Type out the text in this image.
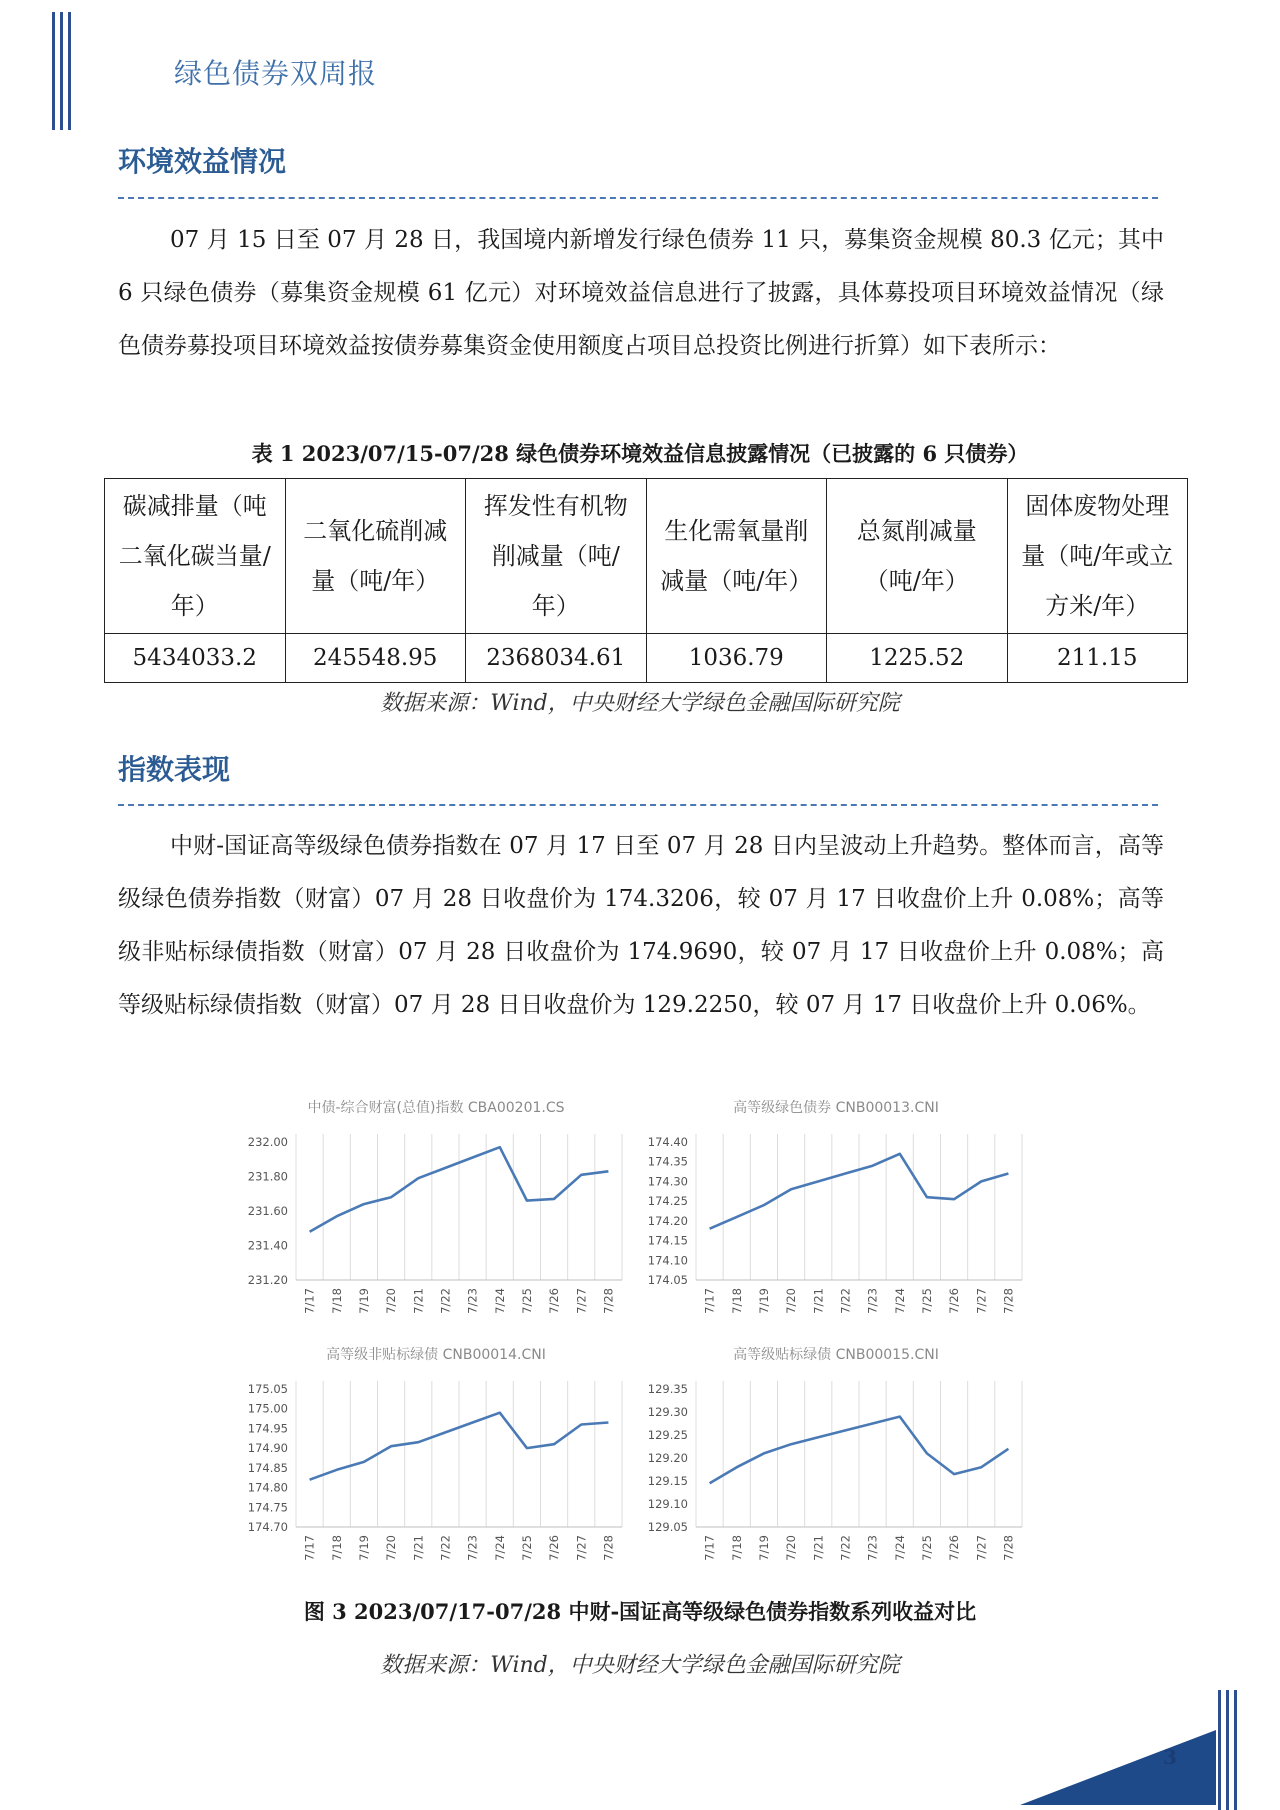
绿色债券双周报
环境效益情况

07 月 15 日至 07 月 28 日，我国境内新增发行绿色债券 11 只，募集资金规模 80.3 亿元；其中 6 只绿色债券（募集资金规模 61 亿元）对环境效益信息进行了披露，具体募投项目环境效益情况（绿色债券募投项目环境效益按债券募集资金使用额度占项目总投资比例进行折算）如下表所示：

表 1 2023/07/15-07/28 绿色债券环境效益信息披露情况（已披露的 6 只债券）
碳减排量（吨二氧化碳当量/年）	二氧化硫削减量（吨/年）	挥发性有机物削减量（吨/年）	生化需氧量削减量（吨/年）	总氮削减量（吨/年）	固体废物处理量（吨/年或立方米/年）
5434033.2	245548.95	2368034.61	1036.79	1225.52	211.15
数据来源：Wind，中央财经大学绿色金融国际研究院
指数表现

中财-国证高等级绿色债券指数在 07 月 17 日至 07 月 28 日内呈波动上升趋势。整体而言，高等级绿色债券指数（财富）07 月 28 日收盘价为 174.3206，较 07 月 17 日收盘价上升 0.08%；高等级非贴标绿债指数（财富）07 月 28 日收盘价为 174.9690，较 07 月 17 日收盘价上升 0.08%；高等级贴标绿债指数（财富）07 月 28 日日收盘价为 129.2250，较 07 月 17 日收盘价上升 0.06%。

中债-综合财富(总值)指数 CBA00201.CS
231.20
231.40
231.60
231.80
232.00
7/17 7/18 7/19 7/20 7/21 7/22 7/23 7/24 7/25 7/26 7/27 7/28
高等级绿色债券 CNB00013.CNI
174.05
174.10
174.15
174.20
174.25
174.30
174.35
174.40
7/17 7/18 7/19 7/20 7/21 7/22 7/23 7/24 7/25 7/26 7/27 7/28
高等级非贴标绿债 CNB00014.CNI
174.70
174.75
174.80
174.85
174.90
174.95
175.00
175.05
7/17 7/18 7/19 7/20 7/21 7/22 7/23 7/24 7/25 7/26 7/27 7/28
高等级贴标绿债 CNB00015.CNI
129.05
129.10
129.15
129.20
129.25
129.30
129.35
7/17 7/18 7/19 7/20 7/21 7/22 7/23 7/24 7/25 7/26 7/27 7/28
图 3 2023/07/17-07/28 中财-国证高等级绿色债券指数系列收益对比
数据来源：Wind，中央财经大学绿色金融国际研究院
3
